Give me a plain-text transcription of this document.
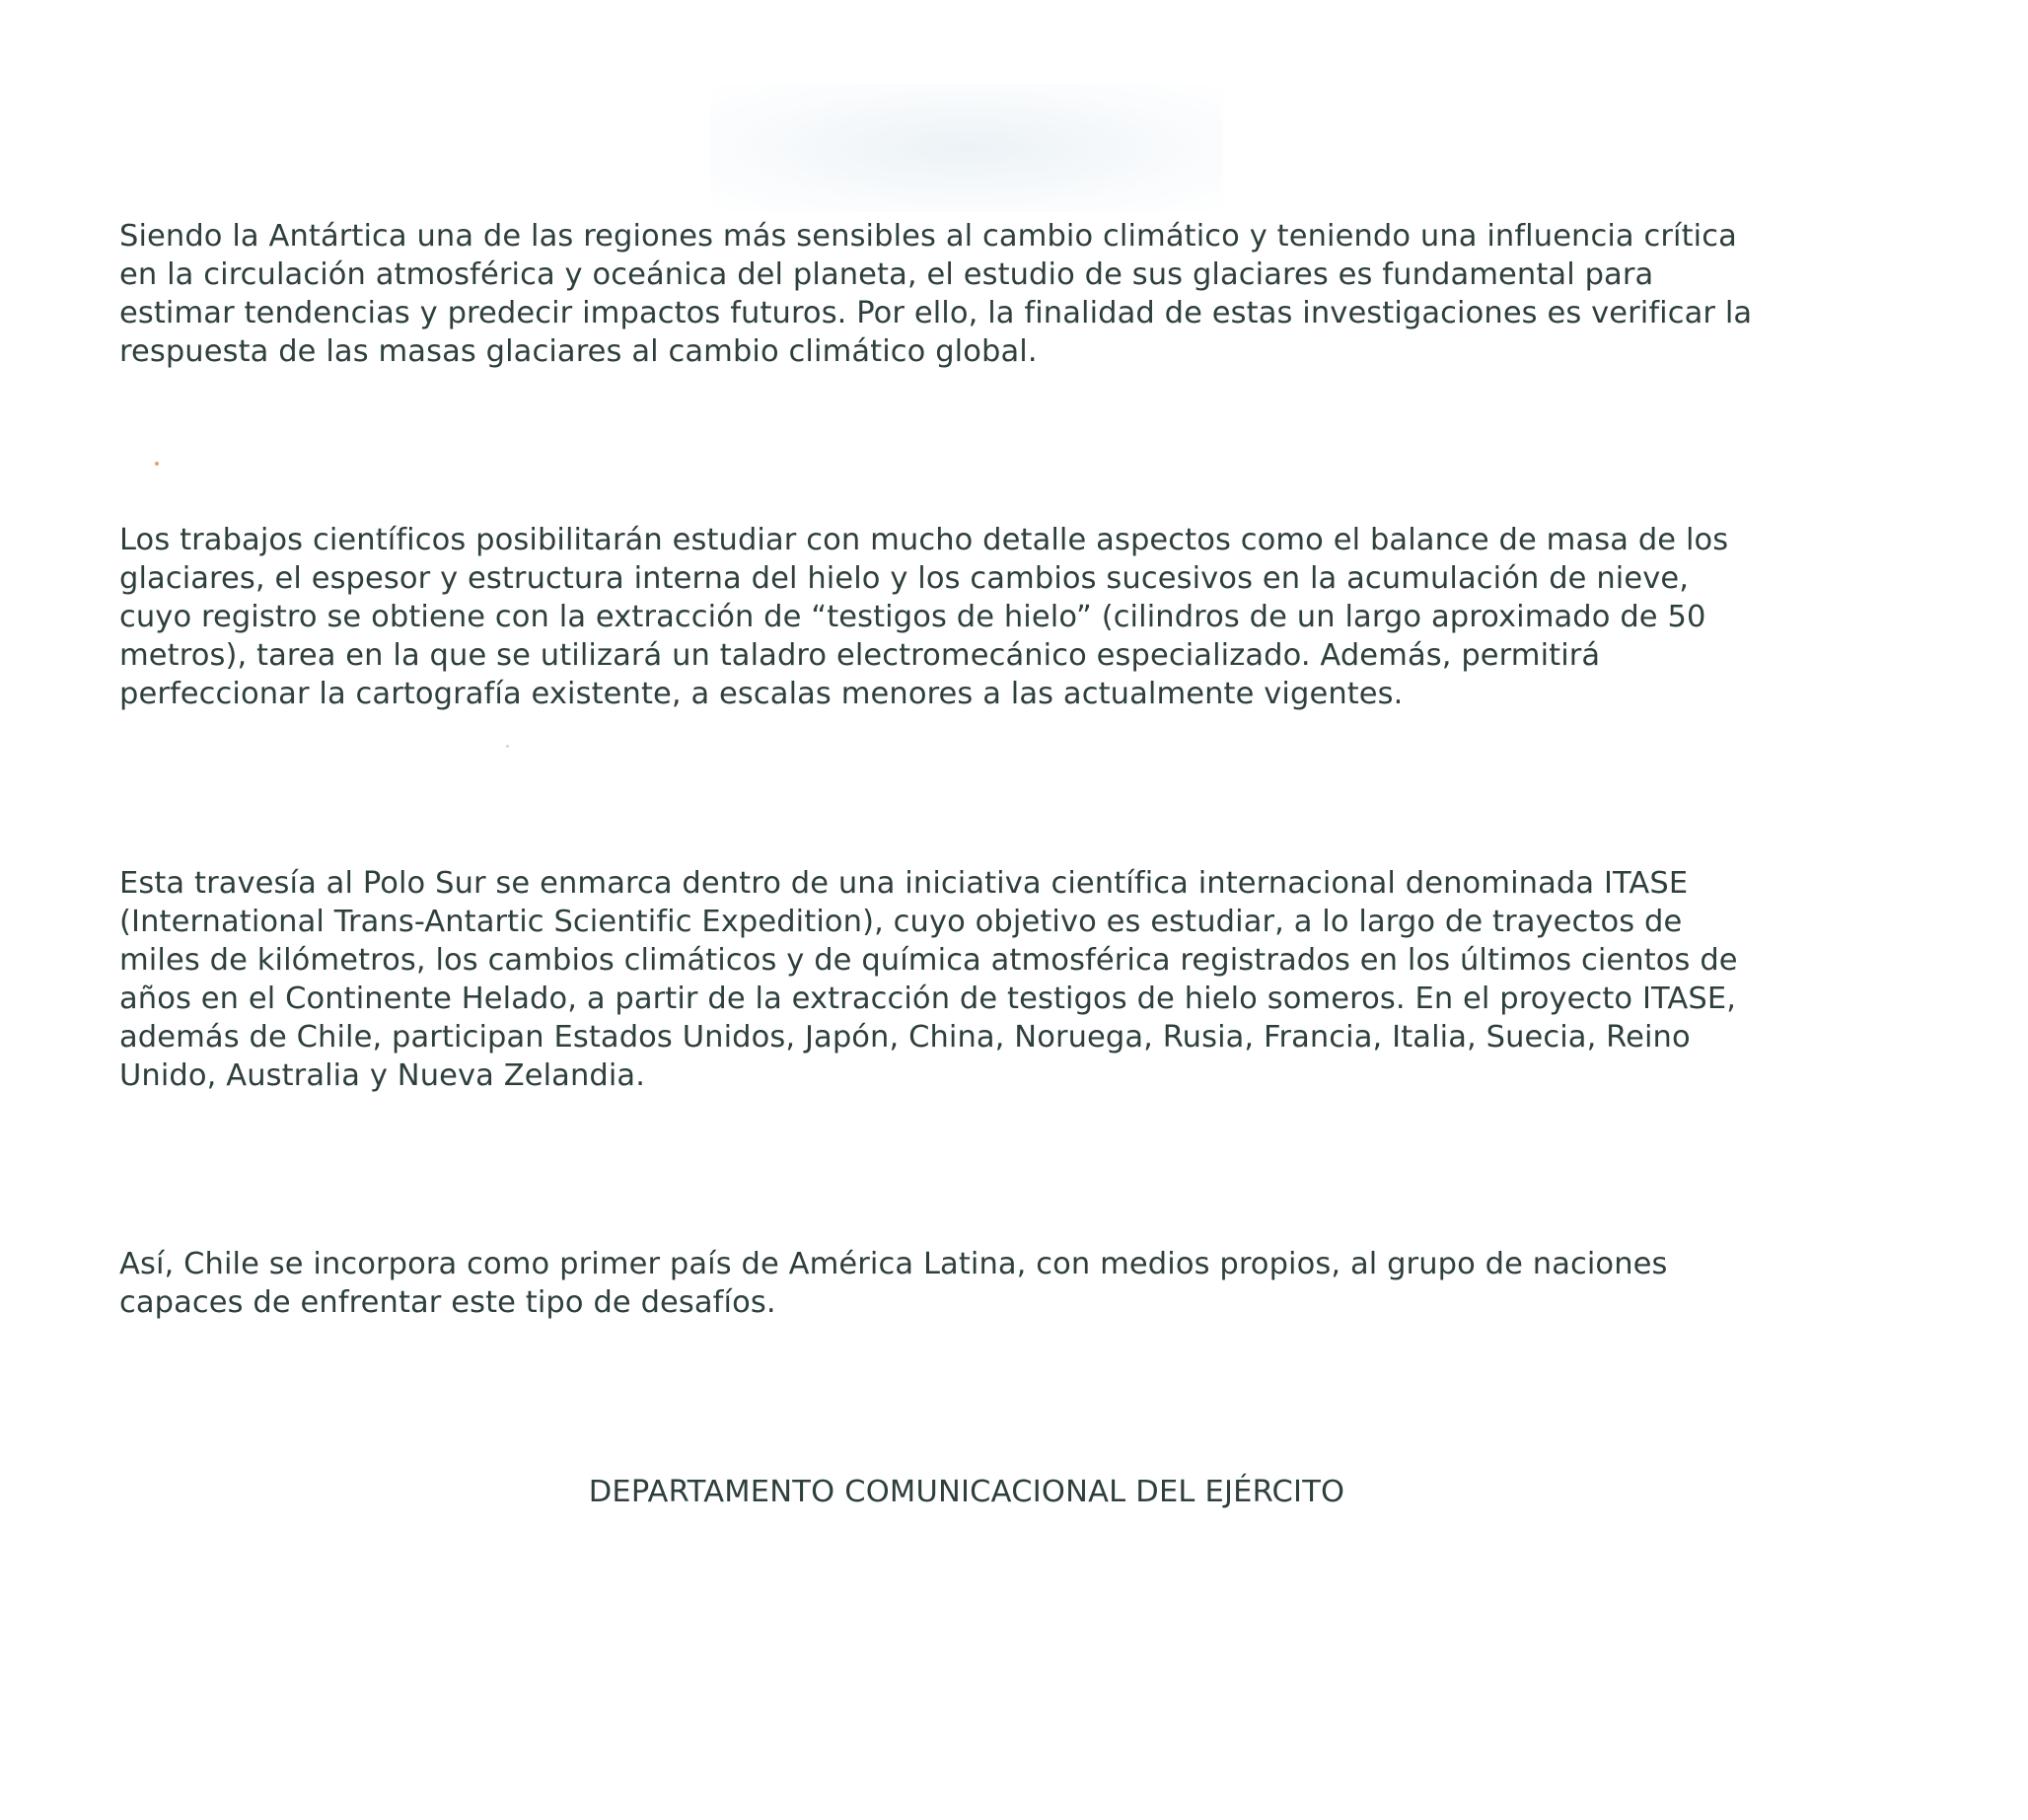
Siendo la Antártica una de las regiones más sensibles al cambio climático y teniendo una influencia crítica
en la circulación atmosférica y oceánica del planeta, el estudio de sus glaciares es fundamental para
estimar tendencias y predecir impactos futuros. Por ello, la finalidad de estas investigaciones es verificar la
respuesta de las masas glaciares al cambio climático global.

Los trabajos científicos posibilitarán estudiar con mucho detalle aspectos como el balance de masa de los
glaciares, el espesor y estructura interna del hielo y los cambios sucesivos en la acumulación de nieve,
cuyo registro se obtiene con la extracción de “testigos de hielo” (cilindros de un largo aproximado de 50
metros), tarea en la que se utilizará un taladro electromecánico especializado. Además, permitirá
perfeccionar la cartografía existente, a escalas menores a las actualmente vigentes.

Esta travesía al Polo Sur se enmarca dentro de una iniciativa científica internacional denominada ITASE
(International Trans-Antartic Scientific Expedition), cuyo objetivo es estudiar, a lo largo de trayectos de
miles de kilómetros, los cambios climáticos y de química atmosférica registrados en los últimos cientos de
años en el Continente Helado, a partir de la extracción de testigos de hielo someros. En el proyecto ITASE,
además de Chile, participan Estados Unidos, Japón, China, Noruega, Rusia, Francia, Italia, Suecia, Reino
Unido, Australia y Nueva Zelandia.

Así, Chile se incorpora como primer país de América Latina, con medios propios, al grupo de naciones
capaces de enfrentar este tipo de desafíos.

DEPARTAMENTO COMUNICACIONAL DEL EJÉRCITO
